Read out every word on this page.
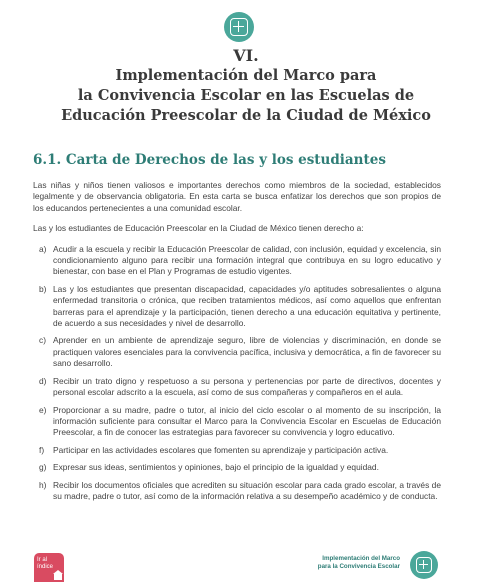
VI.
Implementación del Marco para
la Convivencia Escolar en las Escuelas de
Educación Preescolar de la Ciudad de México
6.1. Carta de Derechos de las y los estudiantes

Las niñas y niños tienen valiosos e importantes derechos como miembros de la sociedad, establecidos legalmente y de observancia obligatoria. En esta carta se busca enfatizar los derechos que son propios de los educandos pertenecientes a una comunidad escolar.

Las y los estudiantes de Educación Preescolar en la Ciudad de México tienen derecho a:

a) Acudir a la escuela y recibir la Educación Preescolar de calidad, con inclusión, equidad y excelencia, sin condicionamiento alguno para recibir una formación integral que contribuya en su logro educativo y bienestar, con base en el Plan y Programas de estudio vigentes.
b) Las y los estudiantes que presentan discapacidad, capacidades y/o aptitudes sobresalientes o alguna enfermedad transitoria o crónica, que reciben tratamientos médicos, así como aquellos que enfrentan barreras para el aprendizaje y la participación, tienen derecho a una educación equitativa y pertinente, de acuerdo a sus necesidades y nivel de desarrollo.
c) Aprender en un ambiente de aprendizaje seguro, libre de violencias y discriminación, en donde se practiquen valores esenciales para la convivencia pacífica, inclusiva y democrática, a fin de favorecer su sano desarrollo.
d) Recibir un trato digno y respetuoso a su persona y pertenencias por parte de directivos, docentes y personal escolar adscrito a la escuela, así como de sus compañeras y compañeros en el aula.
e) Proporcionar a su madre, padre o tutor, al inicio del ciclo escolar o al momento de su inscripción, la información suficiente para consultar el Marco para la Convivencia Escolar en Escuelas de Educación Preescolar, a fin de conocer las estrategias para favorecer su convivencia y logro educativo.
f)	Participar en las actividades escolares que fomenten su aprendizaje y participación activa.
g) Expresar sus ideas, sentimientos y opiniones, bajo el principio de la igualdad y equidad.
h) Recibir los documentos oficiales que acrediten su situación escolar para cada grado escolar, a través de su madre, padre o tutor, así como de la información relativa a su desempeño académico y de conducta.
Ir al
índice
Implementación del Marco
para la Convivencia Escolar
